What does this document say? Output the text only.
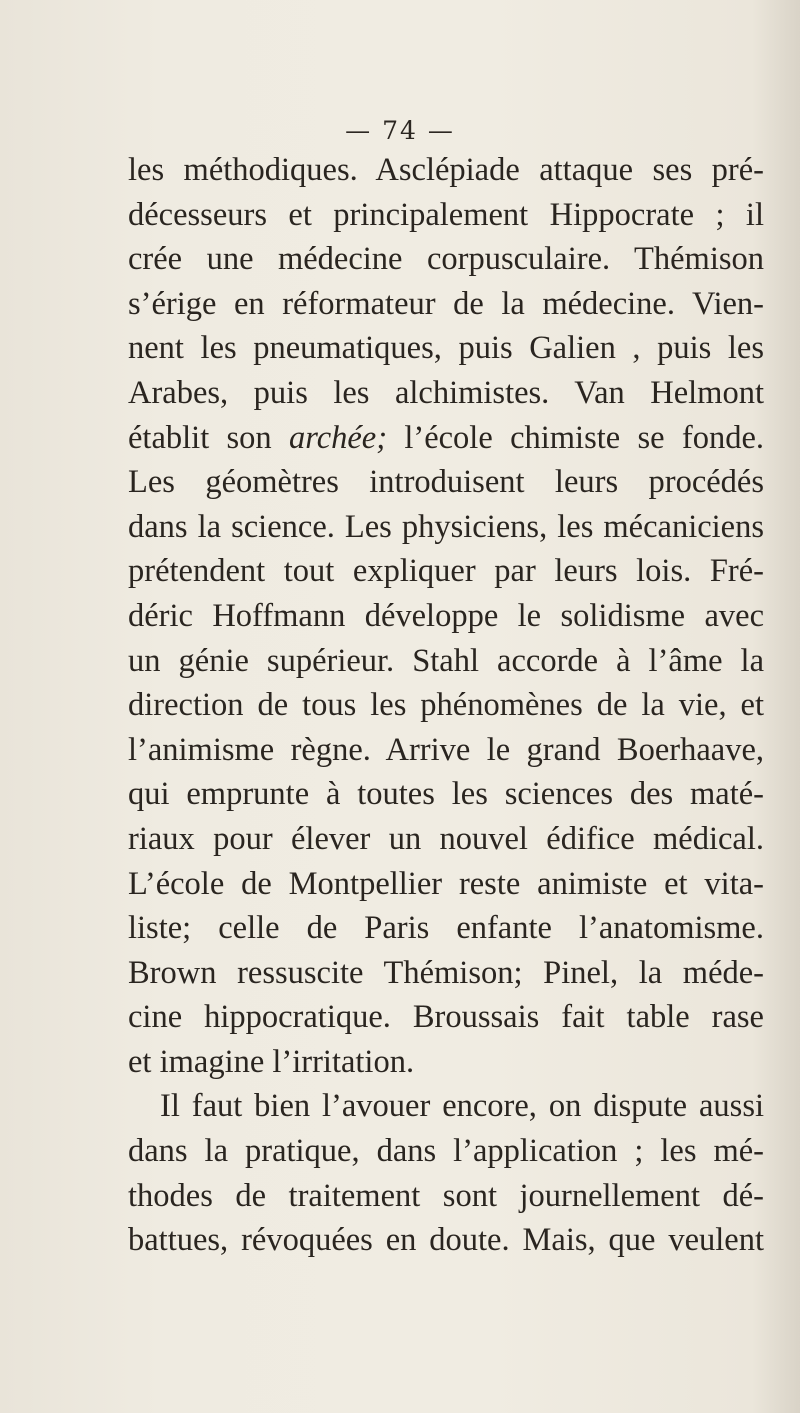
— 74 —
les méthodiques. Asclépiade attaque ses pré-
décesseurs et principalement Hippocrate ; il
crée une médecine corpusculaire. Thémison
s’érige en réformateur de la médecine. Vien-
nent les pneumatiques, puis Galien , puis les
Arabes, puis les alchimistes. Van Helmont
établit son archée; l’école chimiste se fonde.
Les géomètres introduisent leurs procédés
dans la science. Les physiciens, les mécaniciens
prétendent tout expliquer par leurs lois. Fré-
déric Hoffmann développe le solidisme avec
un génie supérieur. Stahl accorde à l’âme la
direction de tous les phénomènes de la vie, et
l’animisme règne. Arrive le grand Boerhaave,
qui emprunte à toutes les sciences des maté-
riaux pour élever un nouvel édifice médical.
L’école de Montpellier reste animiste et vita-
liste; celle de Paris enfante l’anatomisme.
Brown ressuscite Thémison; Pinel, la méde-
cine hippocratique. Broussais fait table rase
et imagine l’irritation.
Il faut bien l’avouer encore, on dispute aussi
dans la pratique, dans l’application ; les mé-
thodes de traitement sont journellement dé-
battues, révoquées en doute. Mais, que veulent
